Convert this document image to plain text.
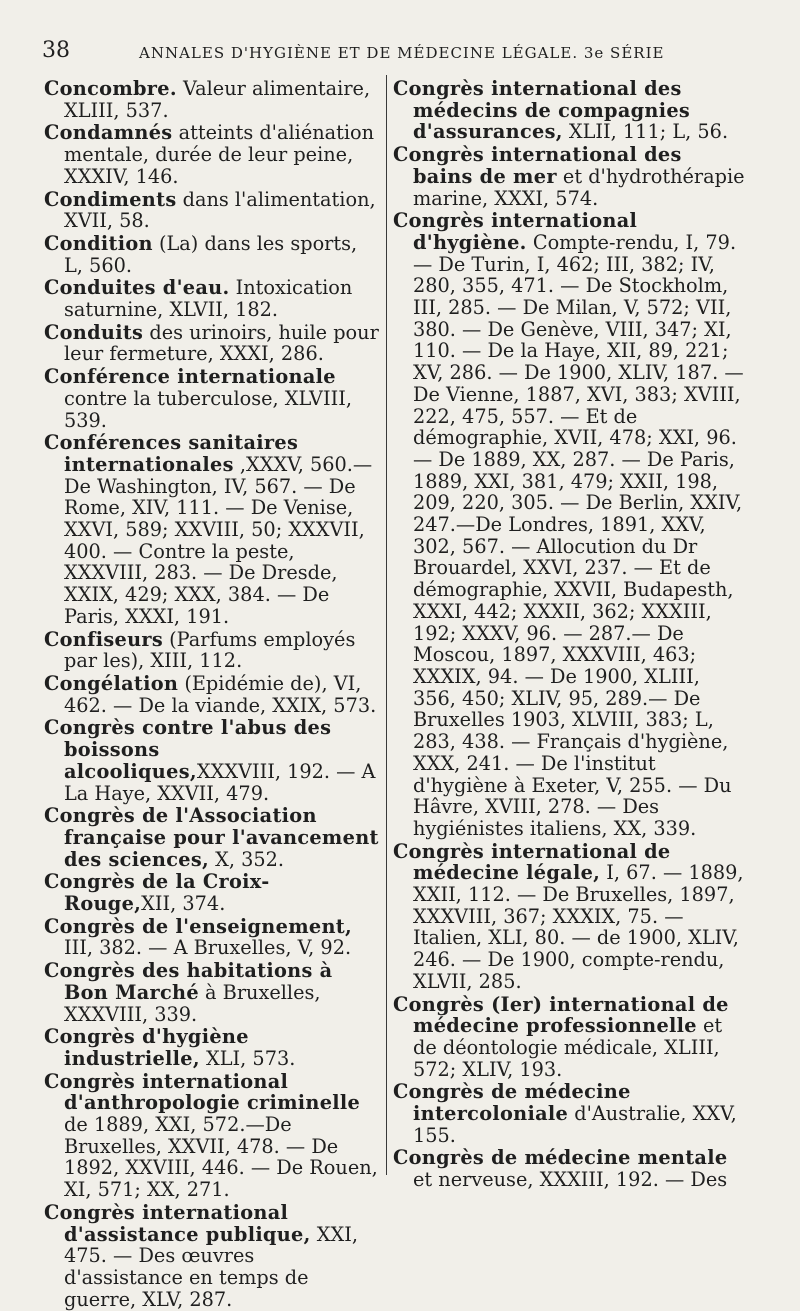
38	ANNALES D'HYGIÈNE ET DE MÉDECINE LÉGALE. 3e SÉRIE

Concombre. Valeur alimentaire, XLIII, 537.

Condamnés atteints d'aliénation mentale, durée de leur peine, XXXIV, 146.

Condiments dans l'alimentation, XVII, 58.

Condition (La) dans les sports, L, 560.

Conduites d'eau. Intoxication saturnine, XLVII, 182.

Conduits des urinoirs, huile pour leur fermeture, XXXI, 286.

Conférence internationale contre la tuberculose, XLVIII, 539.

Conférences sanitaires internationales ,XXXV, 560.—De Washington, IV, 567. — De Rome, XIV, 111. — De Venise, XXVI, 589; XXVIII, 50; XXXVII, 400. — Contre la peste, XXXVIII, 283. — De Dresde, XXIX, 429; XXX, 384. — De Paris, XXXI, 191.

Confiseurs (Parfums employés par les), XIII, 112.

Congélation (Epidémie de), VI, 462. — De la viande, XXIX, 573.

Congrès contre l'abus des boissons alcooliques,XXXVIII, 192. — A La Haye, XXVII, 479.

Congrès de l'Association française pour l'avancement des sciences, X, 352.

Congrès de la Croix-Rouge,XII, 374.

Congrès de l'enseignement, III, 382. — A Bruxelles, V, 92.

Congrès des habitations à Bon Marché à Bruxelles, XXXVIII, 339.

Congrès d'hygiène industrielle, XLI, 573.

Congrès international d'anthropologie criminelle de 1889, XXI, 572.—De Bruxelles, XXVII, 478. — De 1892, XXVIII, 446. — De Rouen, XI, 571; XX, 271.

Congrès international d'assistance publique, XXI, 475. — Des œuvres d'assistance en temps de guerre, XLV, 287.

Congrès international des médecins de compagnies d'assurances, XLII, 111; L, 56.

Congrès international des bains de mer et d'hydrothérapie marine, XXXI, 574.

Congrès international d'hygiène. Compte-rendu, I, 79. — De Turin, I, 462; III, 382; IV, 280, 355, 471. — De Stockholm, III, 285. — De Milan, V, 572; VII, 380. — De Genève, VIII, 347; XI, 110. — De la Haye, XII, 89, 221; XV, 286. — De 1900, XLIV, 187. — De Vienne, 1887, XVI, 383; XVIII, 222, 475, 557. — Et de démographie, XVII, 478; XXI, 96.— De 1889, XX, 287. — De Paris, 1889, XXI, 381, 479; XXII, 198, 209, 220, 305. — De Berlin, XXIV, 247.—De Londres, 1891, XXV, 302, 567. — Allocution du Dr Brouardel, XXVI, 237. — Et de démographie, XXVII, Budapesth, XXXI, 442; XXXII, 362; XXXIII, 192; XXXV, 96. — 287.— De Moscou, 1897, XXXVIII, 463; XXXIX, 94. — De 1900, XLIII, 356, 450; XLIV, 95, 289.— De Bruxelles 1903, XLVIII, 383; L, 283, 438. — Français d'hygiène, XXX, 241. — De l'institut d'hygiène à Exeter, V, 255. — Du Hâvre, XVIII, 278. — Des hygiénistes italiens, XX, 339.

Congrès international de médecine légale, I, 67. — 1889, XXII, 112. — De Bruxelles, 1897, XXXVIII, 367; XXXIX, 75. — Italien, XLI, 80. — de 1900, XLIV, 246. — De 1900, compte-rendu, XLVII, 285.

Congrès (Ier) international de médecine professionnelle et de déontologie médicale, XLIII, 572; XLIV, 193.

Congrès de médecine intercoloniale d'Australie, XXV, 155.

Congrès de médecine mentale et nerveuse, XXXIII, 192. — Des
